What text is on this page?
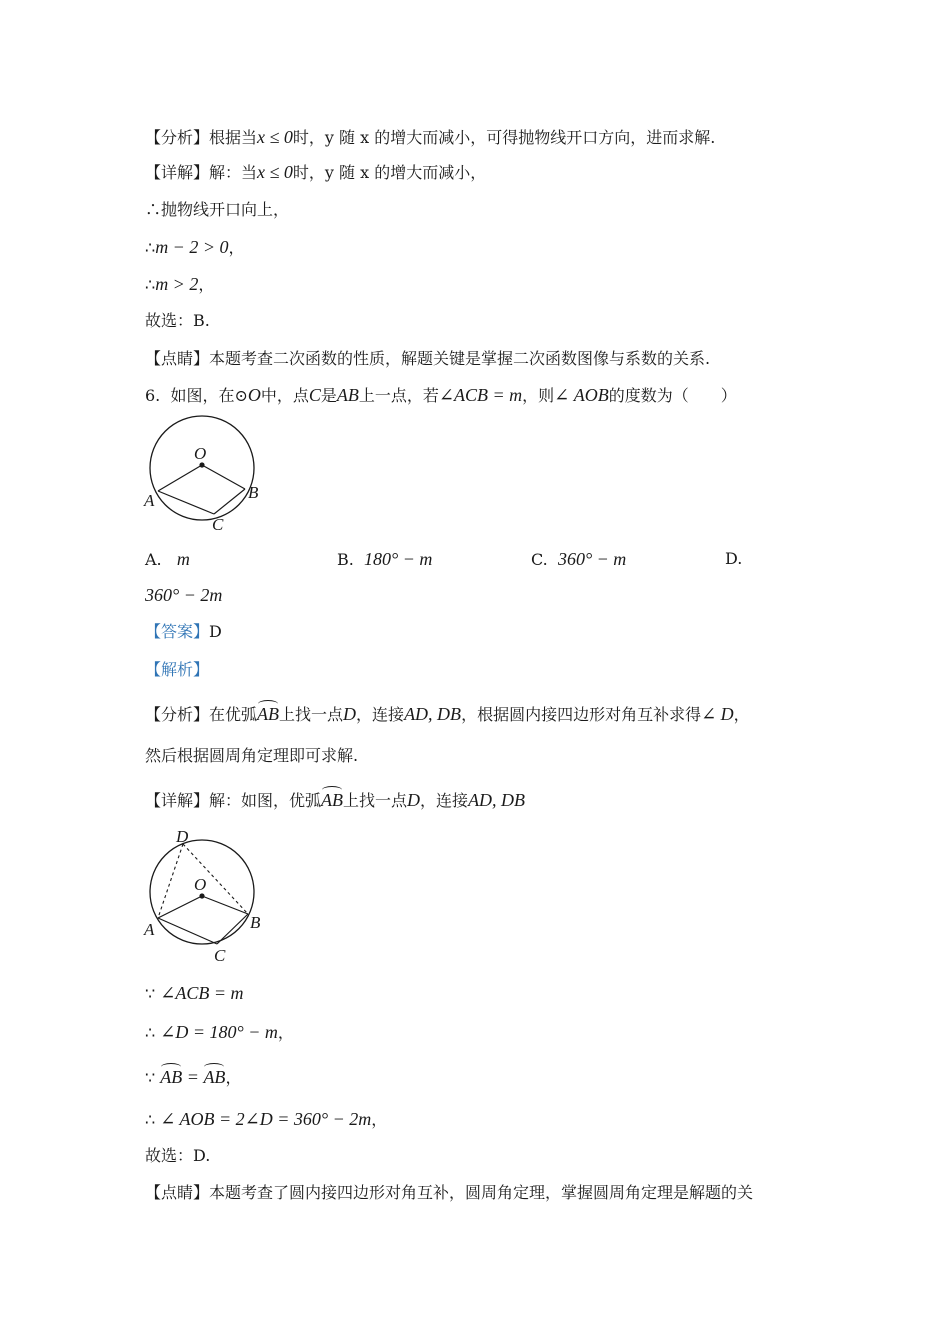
【分析】根据当x ≤ 0时，y 随 x 的增大而减小，可得抛物线开口方向，进而求解.
【详解】解：当x ≤ 0时，y 随 x 的增大而减小，
∴抛物线开口向上，
∴m − 2 > 0，
∴m > 2，
故选：B.
【点睛】本题考查二次函数的性质，解题关键是掌握二次函数图像与系数的关系.
6. 如图，在⊙O中，点C是AB上一点，若∠ACB = m，则∠ AOB的度数为（　　）
O
A	B
C
A. m	B. 180° − m	C. 360° − m	D.
360° − 2m
【答案】D
【解析】
【分析】在优弧AB上找一点D，连接AD, DB，根据圆内接四边形对角互补求得∠ D，
然后根据圆周角定理即可求解.
【详解】解：如图，优弧AB上找一点D，连接AD, DB
D
O
A	B
C
∵ ∠ACB = m
∴ ∠D = 180° − m，
∵ AB = AB，
∴ ∠ AOB = 2∠D = 360° − 2m，
故选：D.
【点睛】本题考查了圆内接四边形对角互补，圆周角定理，掌握圆周角定理是解题的关
